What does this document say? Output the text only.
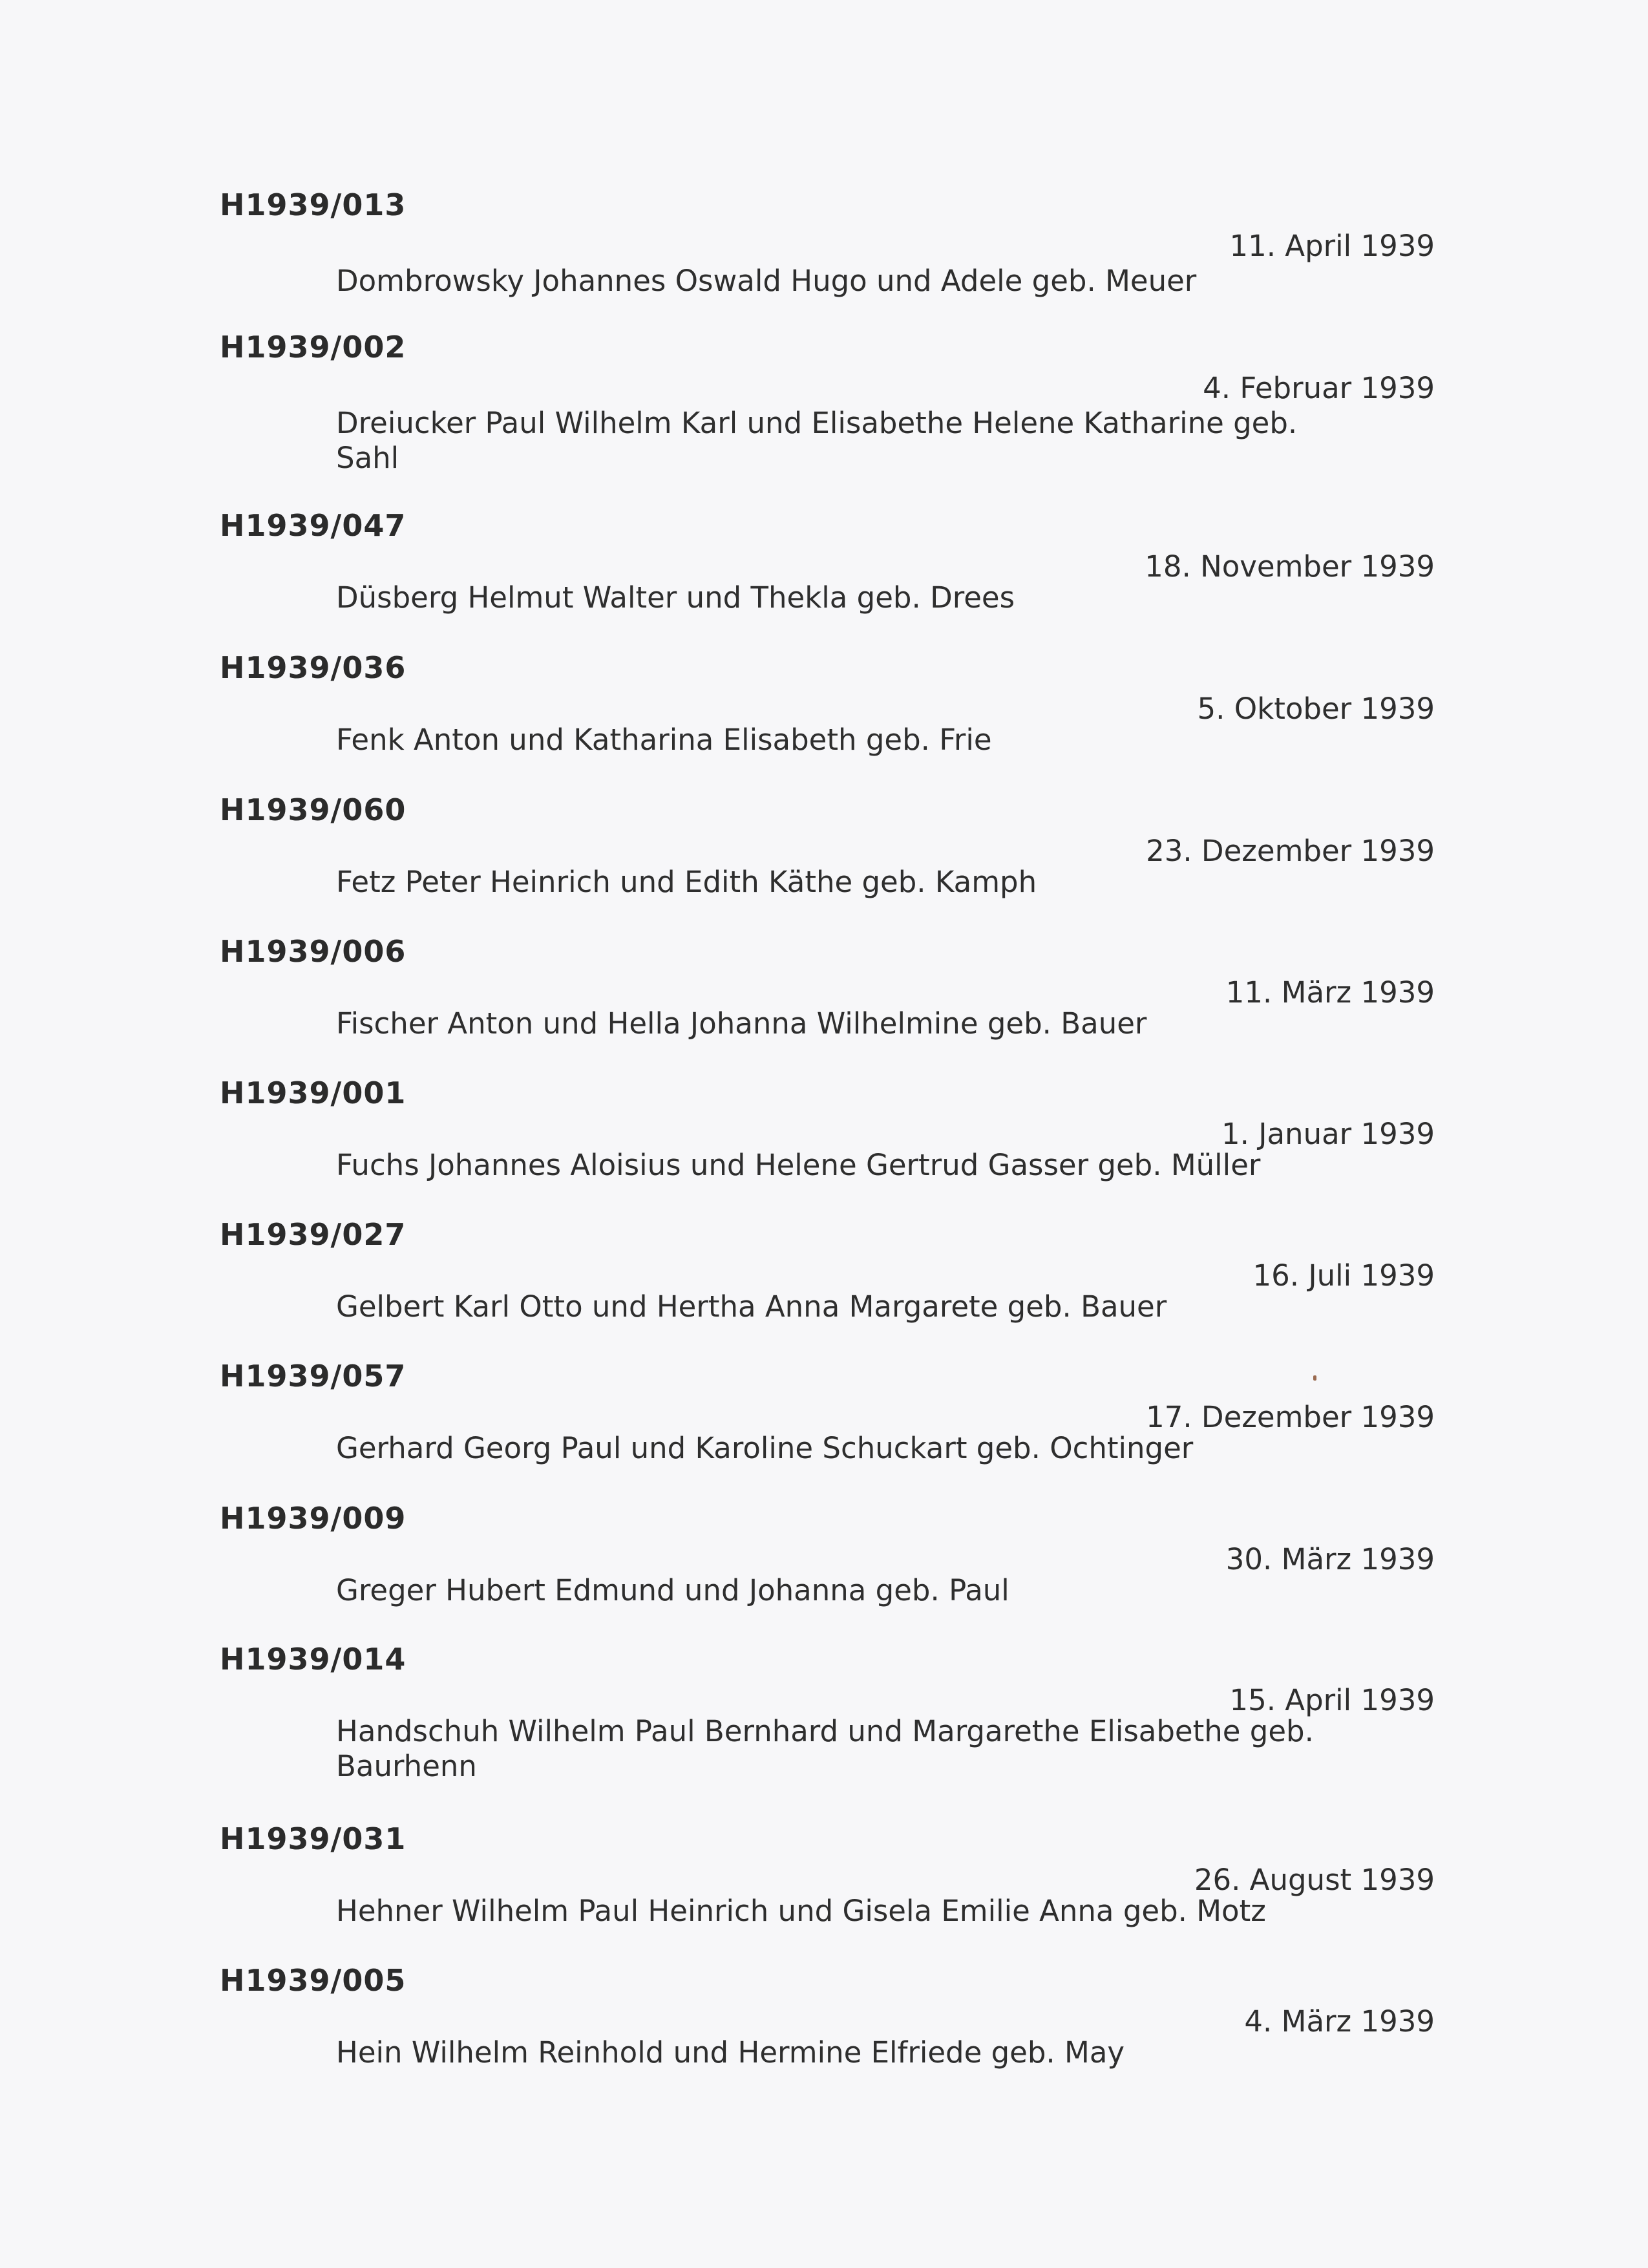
H1939/013
11. April 1939
Dombrowsky Johannes Oswald Hugo und Adele geb. Meuer
H1939/002
4. Februar 1939
Dreiucker Paul Wilhelm Karl und Elisabethe Helene Katharine geb. Sahl
H1939/047
18. November 1939
Düsberg Helmut Walter und Thekla geb. Drees
H1939/036
5. Oktober 1939
Fenk Anton und Katharina Elisabeth geb. Frie
H1939/060
23. Dezember 1939
Fetz Peter Heinrich und Edith Käthe geb. Kamph
H1939/006
11. März 1939
Fischer Anton und Hella Johanna Wilhelmine geb. Bauer
H1939/001
1. Januar 1939
Fuchs Johannes Aloisius und Helene Gertrud Gasser geb. Müller
H1939/027
16. Juli 1939
Gelbert Karl Otto und Hertha Anna Margarete geb. Bauer
H1939/057
17. Dezember 1939
Gerhard Georg Paul und Karoline Schuckart geb. Ochtinger
H1939/009
30. März 1939
Greger Hubert Edmund und Johanna geb. Paul
H1939/014
15. April 1939
Handschuh Wilhelm Paul Bernhard und Margarethe Elisabethe geb. Baurhenn
H1939/031
26. August 1939
Hehner Wilhelm Paul Heinrich und Gisela Emilie Anna geb. Motz
H1939/005
4. März 1939
Hein Wilhelm Reinhold und Hermine Elfriede geb. May
